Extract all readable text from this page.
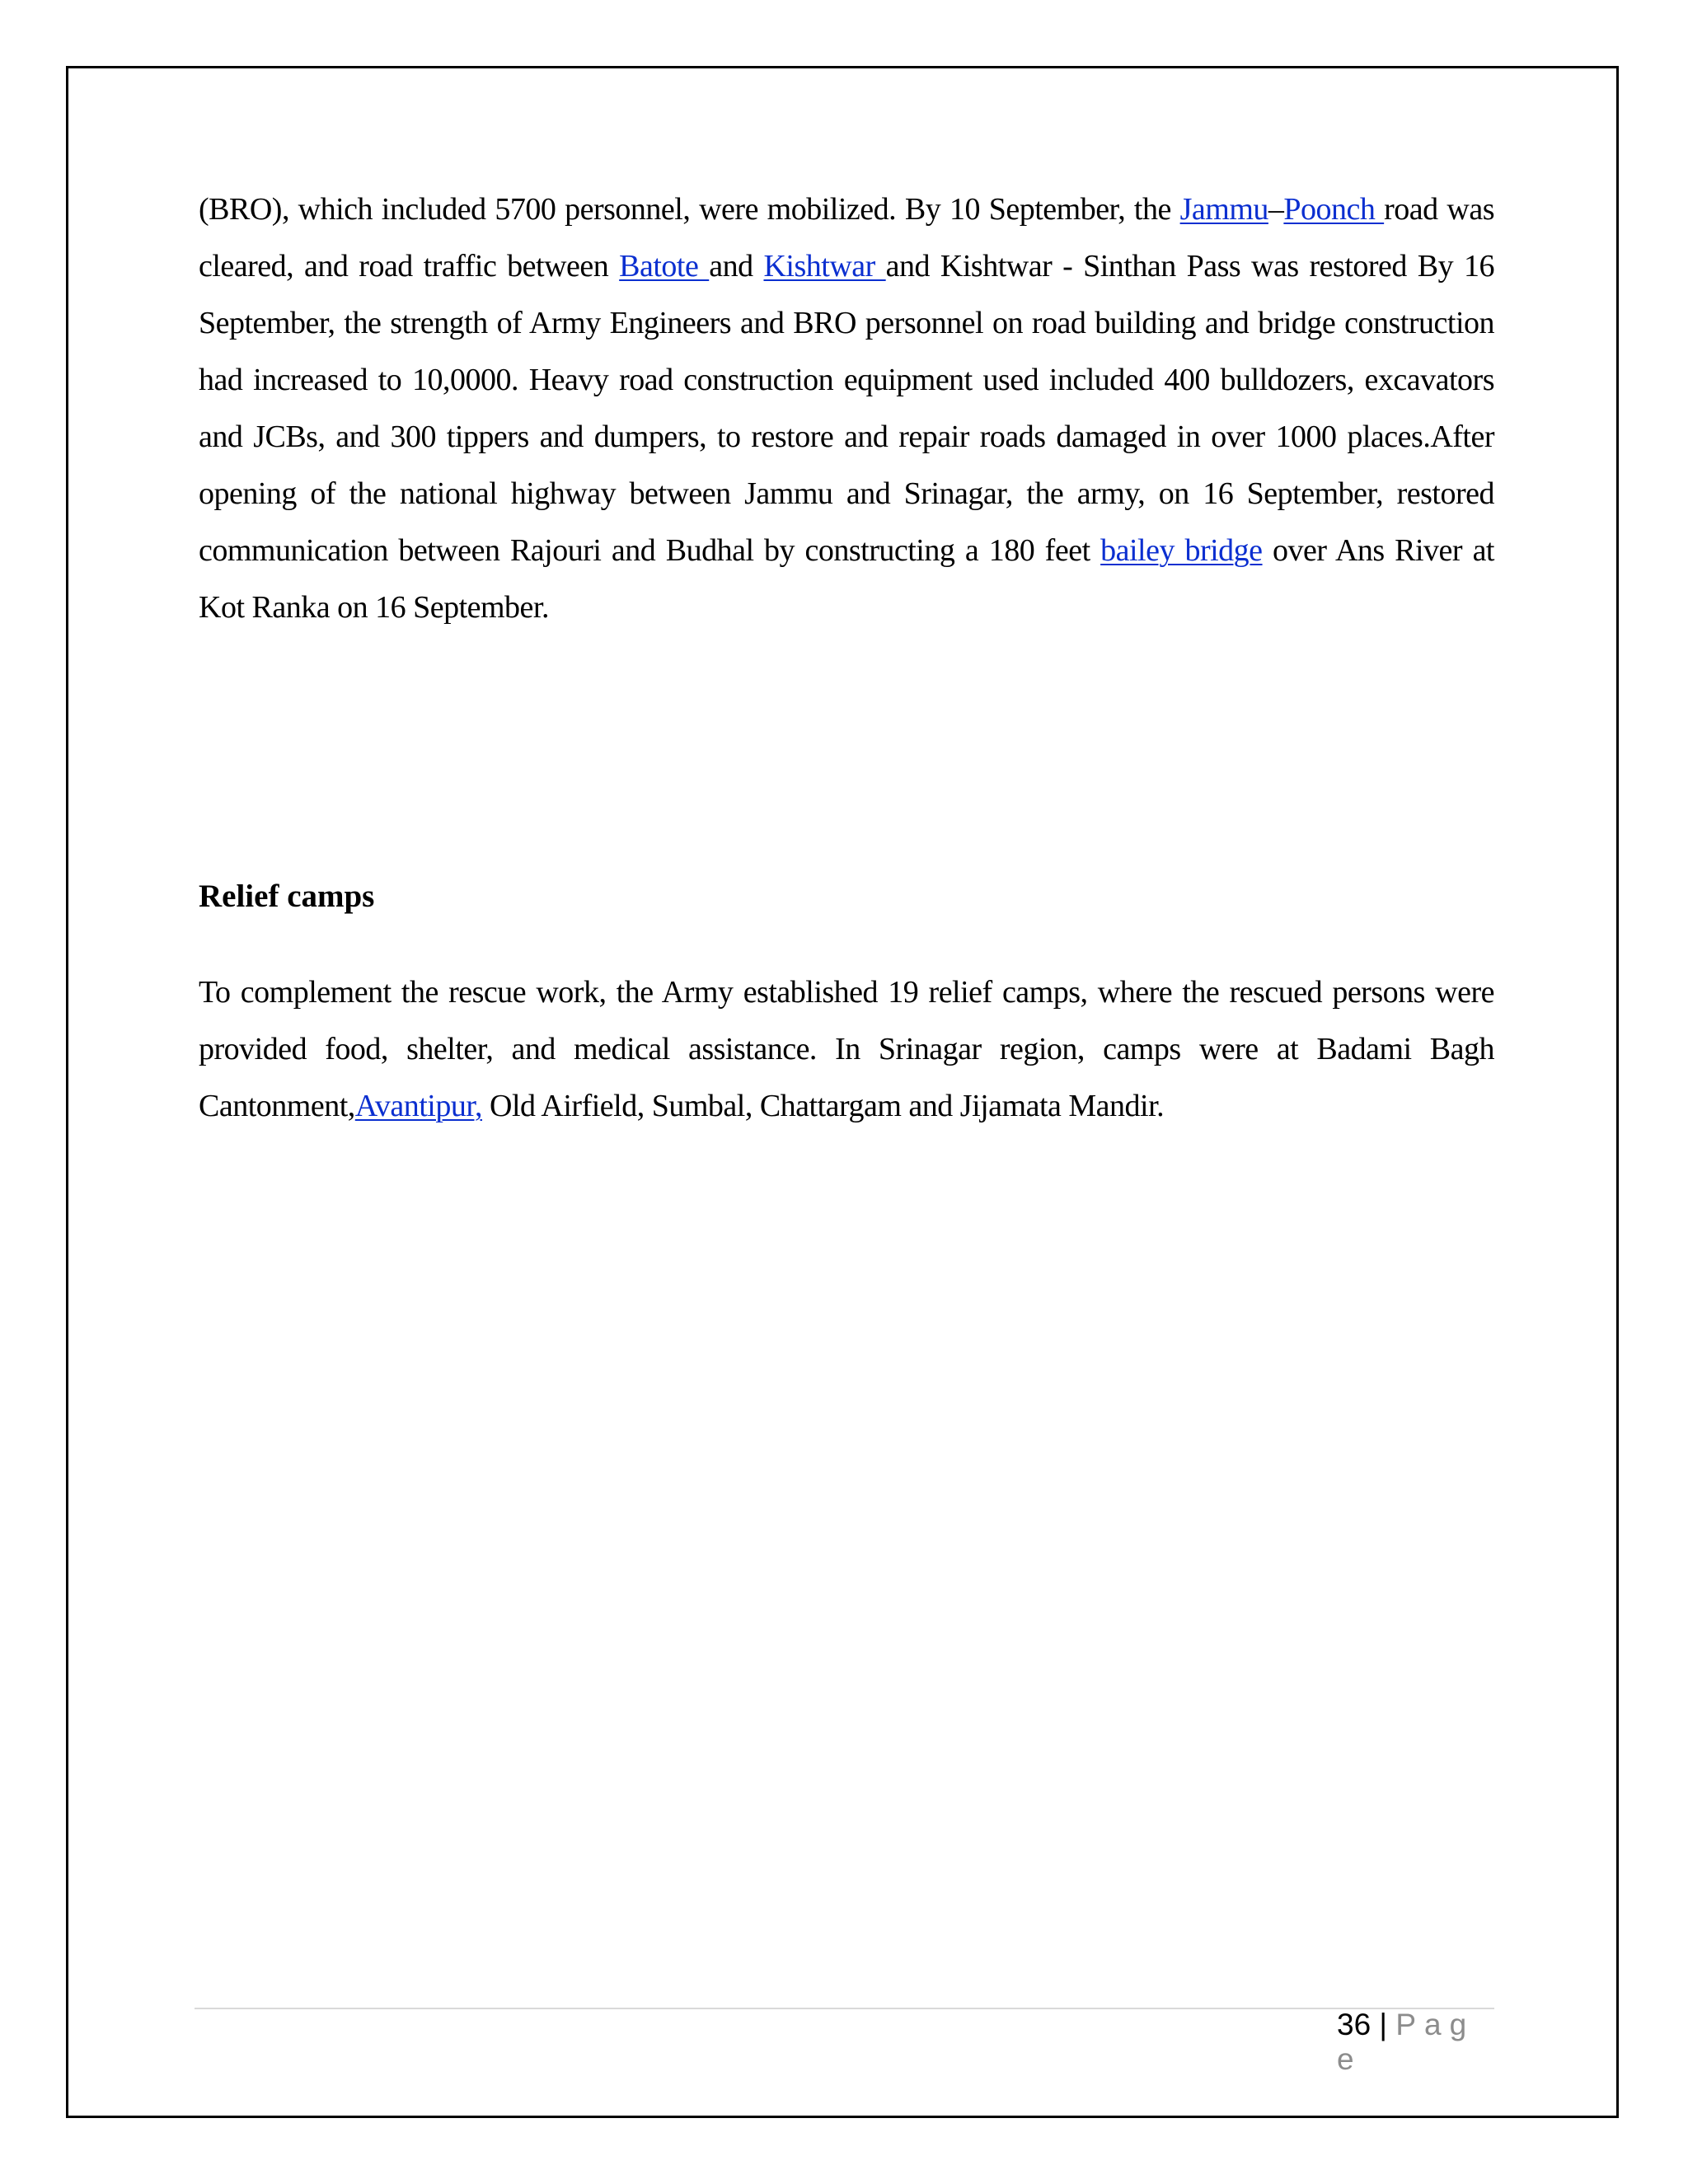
(BRO), which included 5700 personnel, were mobilized. By 10 September, the Jammu–Poonch road was cleared, and road traffic between Batote and Kishtwar and Kishtwar - Sinthan Pass was restored By 16 September, the strength of Army Engineers and BRO personnel on road building and bridge construction had increased to 10,0000. Heavy road construction equipment used included 400 bulldozers, excavators and JCBs, and 300 tippers and dumpers, to restore and repair roads damaged in over 1000 places.After opening of the national highway between Jammu and Srinagar, the army, on 16 September, restored communication between Rajouri and Budhal by constructing a 180 feet bailey bridge over Ans River at Kot Ranka on 16 September.

Relief camps

To complement the rescue work, the Army established 19 relief camps, where the rescued persons were provided food, shelter, and medical assistance. In Srinagar region, camps were at Badami Bagh Cantonment,Avantipur, Old Airfield, Sumbal, Chattargam and Jijamata Mandir.

36 | Page
